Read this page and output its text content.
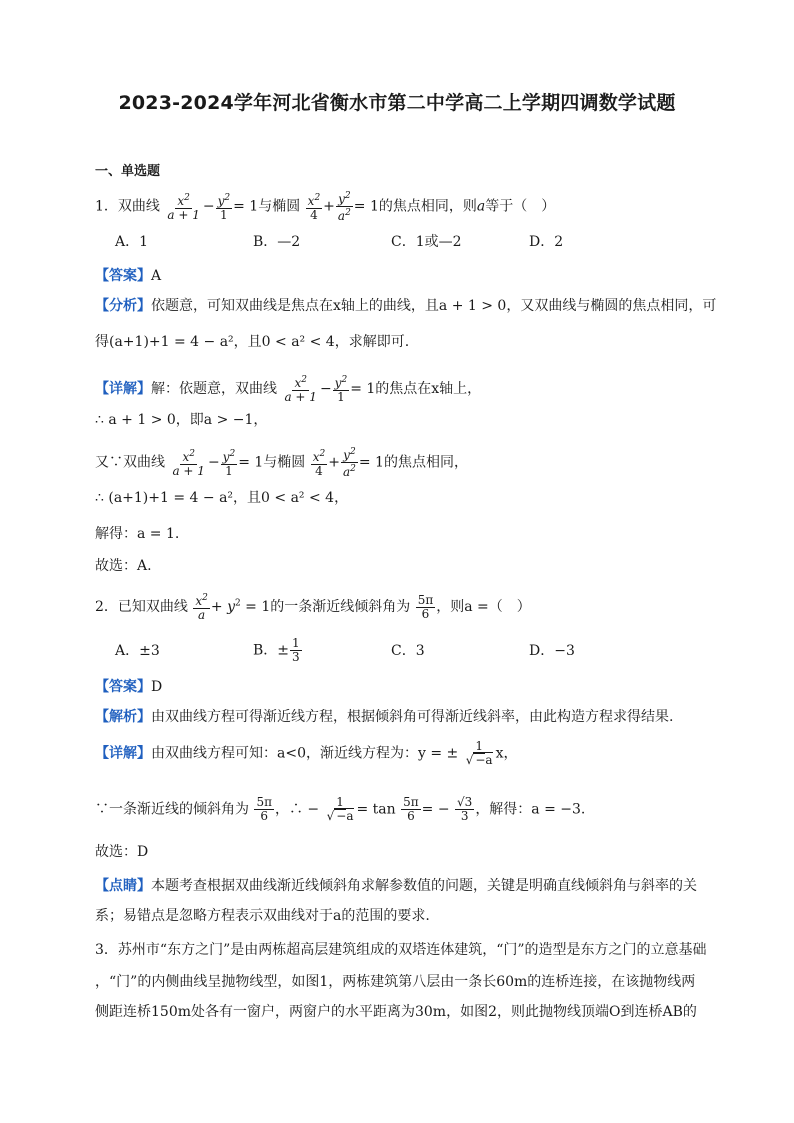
2023-2024学年河北省衡水市第二中学高二上学期四调数学试题
一、单选题
1．双曲线 $\frac{x^2}{a + 1} - \frac{y^2}{1} = 1$与椭圆 $\frac{x^2}{4} + \frac{y^2}{a^2} = 1$的焦点相同，则a等于（　）
A．1	B．—2	C．1或—2	D．2
【答案】A
【分析】依题意，可知双曲线是焦点在x轴上的曲线，且a + 1 > 0，又双曲线与椭圆的焦点相同，可
得(a+1)+1 = 4 − a²，且0 < a² < 4，求解即可.
【详解】解：依题意，双曲线 $\frac{x^2}{a + 1} - \frac{y^2}{1} = 1$的焦点在x轴上，
∴ a + 1 > 0，即a > −1，
又∵双曲线 $\frac{x^2}{a + 1} - \frac{y^2}{1} = 1$与椭圆 $\frac{x^2}{4} + \frac{y^2}{a^2} = 1$的焦点相同，
∴ (a+1)+1 = 4 − a²，且0 < a² < 4，
解得：a = 1.
故选：A.
2．已知双曲线 $\frac{x^2}{a} + y^2 = 1$的一条渐近线倾斜角为 $\frac{5\pi}{6}$ ，则a =（　）
A．±3	B．± $\frac{1}{3}$	C．3	D．−3
【答案】D
【解析】由双曲线方程可得渐近线方程，根据倾斜角可得渐近线斜率，由此构造方程求得结果.
【详解】由双曲线方程可知：a<0，渐近线方程为：y = ± $\frac{1}{√ -a}$ x，
∵一条渐近线的倾斜角为 $\frac{5\pi}{6}$ ，∴ − $\frac{1}{√ -a} = \tan \frac{5\pi}{6}$ = − $\frac{√3}{3}$ ，解得：a = −3.
故选：D
【点睛】本题考查根据双曲线渐近线倾斜角求解参数值的问题，关键是明确直线倾斜角与斜率的关
系；易错点是忽略方程表示双曲线对于a的范围的要求.
3．苏州市“东方之门”是由两栋超高层建筑组成的双塔连体建筑，“门”的造型是东方之门的立意基础
，“门”的内侧曲线呈抛物线型，如图1，两栋建筑第八层由一条长60m的连桥连接，在该抛物线两
侧距连桥150m处各有一窗户，两窗户的水平距离为30m，如图2，则此抛物线顶端O到连桥AB的
